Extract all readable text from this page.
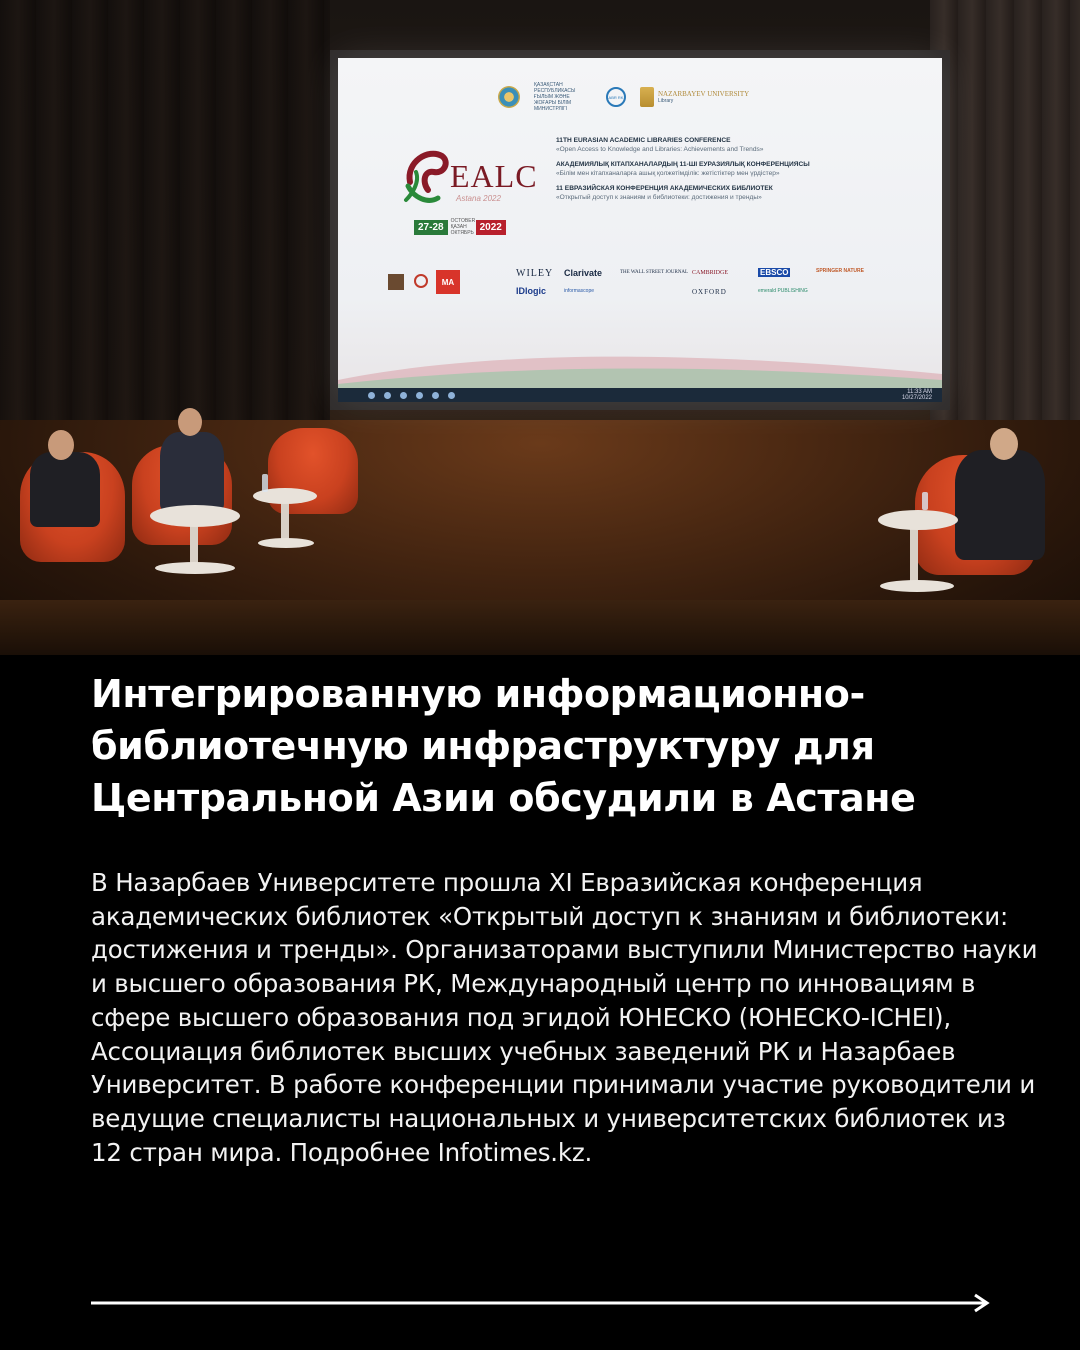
ҚАЗАҚСТАН РЕСПУБЛИКАСЫ ҒЫЛЫМ ЖӘНЕ ЖОҒАРЫ БІЛІМ МИНИСТРЛІГІ
ABR RK	NAZARBAYEV UNIVERSITY
Library
EALC
Astana 2022
27-28
OCTOBER ҚАЗАН ОКТЯБРЬ
2022
11TH EURASIAN ACADEMIC LIBRARIES CONFERENCE
«Open Access to Knowledge and Libraries: Achievements and Trends»
АКАДЕМИЯЛЫҚ КІТАПХАНАЛАРДЫҢ 11-ШІ ЕУРАЗИЯЛЫҚ КОНФЕРЕНЦИЯСЫ
«Білім мен кітапханаларға ашық қолжетімділік: жетістіктер мен үрдістер»
11 ЕВРАЗИЙСКАЯ КОНФЕРЕНЦИЯ АКАДЕМИЧЕСКИХ БИБЛИОТЕК
«Открытый доступ к знаниям и библиотеки: достижения и тренды»
MA
WILEY Clarivate	THE WALL STREET JOURNAL CAMBRIDGE	EBSCO	SPRINGER NATURE
IDlogic	informascope	OXFORD	emerald PUBLISHING
11:33 AM
10/27/2022
Интегрированную информационно-библиотечную инфраструктуру для Центральной Азии обсудили в Астане

В Назарбаев Университете прошла XI Евразийская конференция академических библиотек «Открытый доступ к знаниям и библиотеки: достижения и тренды». Организаторами выступили Министерство науки и высшего образования РК, Международный центр по инновациям в сфере высшего образования под эгидой ЮНЕСКО (ЮНЕСКО-ICHEI), Ассоциация библиотек высших учебных заведений РК и Назарбаев Университет. В работе конференции принимали участие руководители и ведущие специалисты национальных и университетских библиотек из 12 стран мира. Подробнее Infotimes.kz.
